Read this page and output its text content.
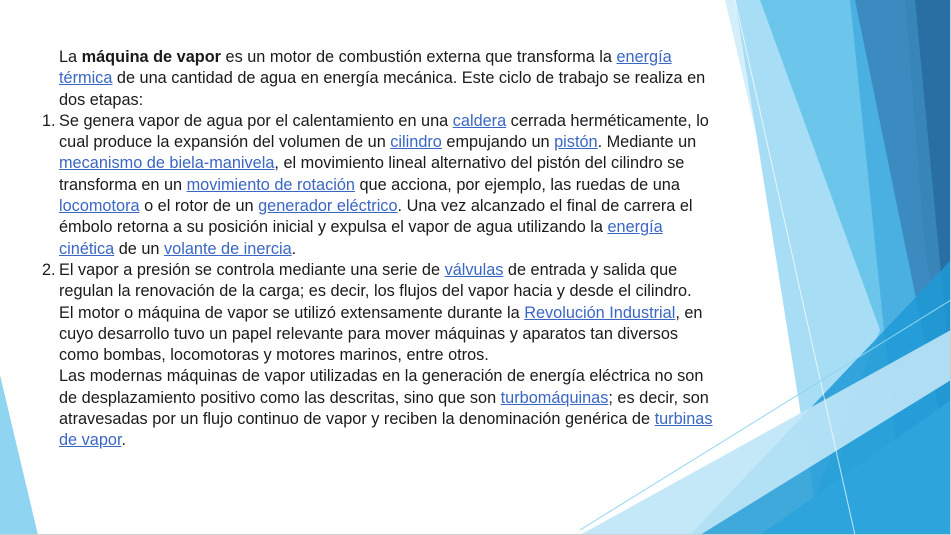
La máquina de vapor es un motor de combustión externa que transforma la energía térmica de una cantidad de agua en energía mecánica. Este ciclo de trabajo se realiza en dos etapas:

1. Se genera vapor de agua por el calentamiento en una caldera cerrada herméticamente, lo cual produce la expansión del volumen de un cilindro empujando un pistón. Mediante un mecanismo de biela-manivela, el movimiento lineal alternativo del pistón del cilindro se transforma en un movimiento de rotación que acciona, por ejemplo, las ruedas de una locomotora o el rotor de un generador eléctrico. Una vez alcanzado el final de carrera el émbolo retorna a su posición inicial y expulsa el vapor de agua utilizando la energía cinética de un volante de inercia.

2. El vapor a presión se controla mediante una serie de válvulas de entrada y salida que regulan la renovación de la carga; es decir, los flujos del vapor hacia y desde el cilindro.

El motor o máquina de vapor se utilizó extensamente durante la Revolución Industrial, en cuyo desarrollo tuvo un papel relevante para mover máquinas y aparatos tan diversos como bombas, locomotoras y motores marinos, entre otros.

Las modernas máquinas de vapor utilizadas en la generación de energía eléctrica no son de desplazamiento positivo como las descritas, sino que son turbomáquinas; es decir, son atravesadas por un flujo continuo de vapor y reciben la denominación genérica de turbinas de vapor.
